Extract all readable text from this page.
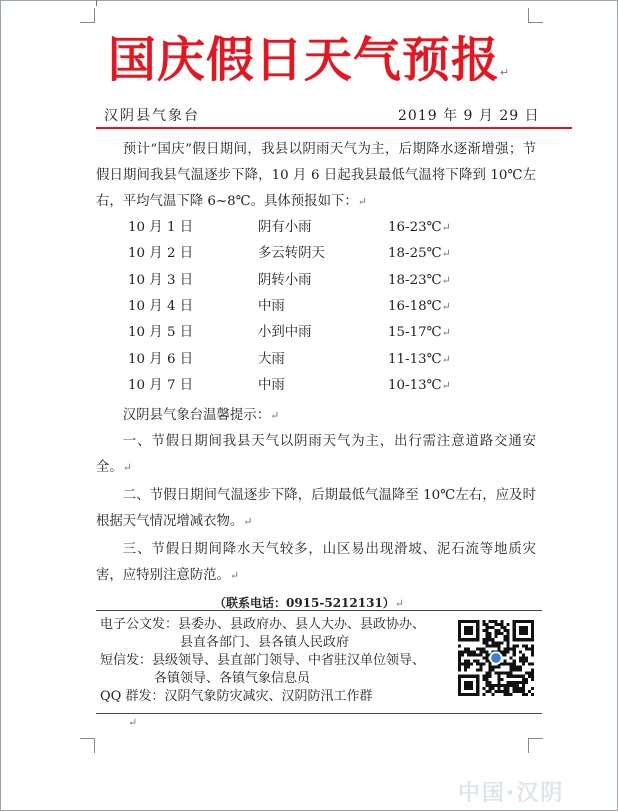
国庆假日天气预报↵
汉阴县气象台	2019 年 9 月 29 日
预计“国庆”假日期间，我县以阴雨天气为主，后期降水逐渐增强；节假日期间我县气温逐步下降，10 月 6 日起我县最低气温将下降到 10℃左右，平均气温下降 6~8℃。具体预报如下：↵
10 月 1 日	阴有小雨	16-23℃↵
10 月 2 日	多云转阴天	18-25℃↵
10 月 3 日	阴转小雨	18-23℃↵
10 月 4 日	中雨	16-18℃↵
10 月 5 日	小到中雨	15-17℃↵
10 月 6 日	大雨	11-13℃↵
10 月 7 日	中雨	10-13℃↵
汉阴县气象台温馨提示：↵
一、节假日期间我县天气以阴雨天气为主，出行需注意道路交通安全。↵
二、节假日期间气温逐步下降，后期最低气温降至 10℃左右，应及时根据天气情况增减衣物。↵
三、节假日期间降水天气较多，山区易出现滑坡、泥石流等地质灾害，应特别注意防范。↵
（联系电话：0915-5212131）↵
电子公文发：县委办、县政府办、县人大办、县政协办、
县直各部门、县各镇人民政府
短信发：县级领导、县直部门领导、中省驻汉单位领导、
各镇领导、各镇气象信息员
QQ 群发：汉阴气象防灾减灾、汉阴防汛工作群
↵
中国·汉阴
